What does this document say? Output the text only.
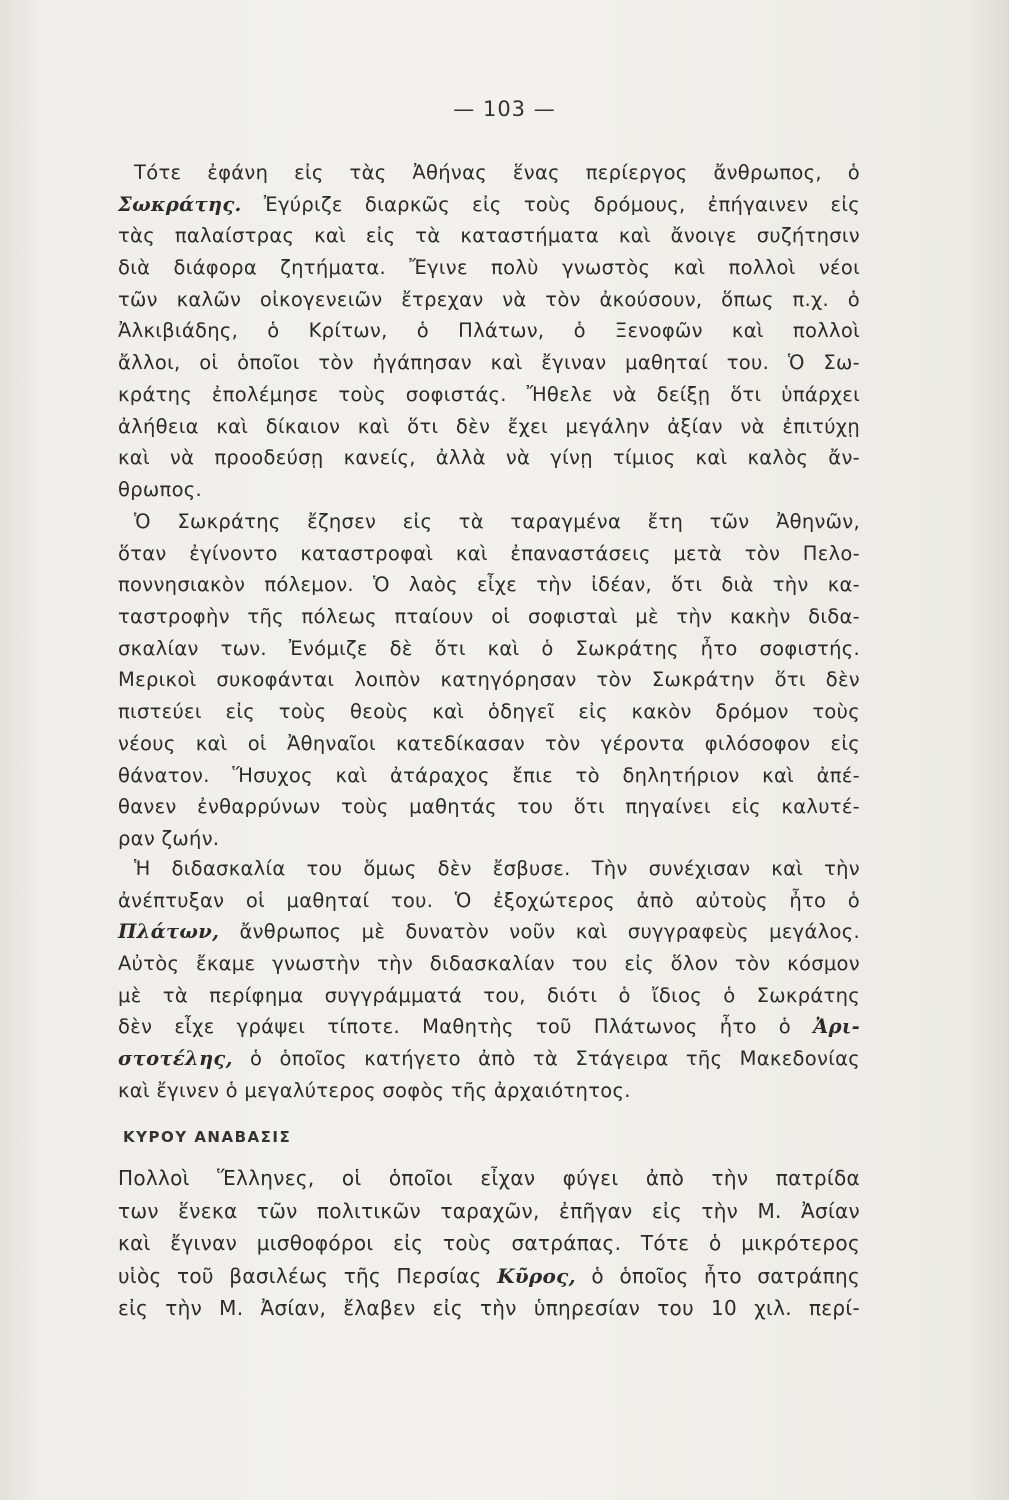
— 103 —
Τότε ἐφάνη εἰς τὰς Ἀθήνας ἕνας περίεργος ἄνθρωπος, ὁ
Σωκράτης. Ἐγύριζε διαρκῶς εἰς τοὺς δρόμους, ἐπήγαινεν εἰς
τὰς παλαίστρας καὶ εἰς τὰ καταστήματα καὶ ἄνοιγε συζήτησιν
διὰ διάφορα ζητήματα. Ἔγινε πολὺ γνωστὸς καὶ πολλοὶ νέοι
τῶν καλῶν οἰκογενειῶν ἔτρεχαν νὰ τὸν ἀκούσουν, ὅπως π.χ. ὁ
Ἀλκιβιάδης, ὁ Κρίτων, ὁ Πλάτων, ὁ Ξενοφῶν καὶ πολλοὶ
ἄλλοι, οἱ ὁποῖοι τὸν ἠγάπησαν καὶ ἔγιναν μαθηταί του. Ὁ Σω-
κράτης ἐπολέμησε τοὺς σοφιστάς. Ἤθελε νὰ δείξῃ ὅτι ὑπάρχει
ἀλήθεια καὶ δίκαιον καὶ ὅτι δὲν ἔχει μεγάλην ἀξίαν νὰ ἐπιτύχῃ
καὶ νὰ προοδεύσῃ κανείς, ἀλλὰ νὰ γίνῃ τίμιος καὶ καλὸς ἄν-
θρωπος.
Ὁ Σωκράτης ἔζησεν εἰς τὰ ταραγμένα ἔτη τῶν Ἀθηνῶν,
ὅταν ἐγίνοντο καταστροφαὶ καὶ ἐπαναστάσεις μετὰ τὸν Πελο-
ποννησιακὸν πόλεμον. Ὁ λαὸς εἶχε τὴν ἰδέαν, ὅτι διὰ τὴν κα-
ταστροφὴν τῆς πόλεως πταίουν οἱ σοφισταὶ μὲ τὴν κακὴν διδα-
σκαλίαν των. Ἐνόμιζε δὲ ὅτι καὶ ὁ Σωκράτης ἦτο σοφιστής.
Μερικοὶ συκοφάνται λοιπὸν κατηγόρησαν τὸν Σωκράτην ὅτι δὲν
πιστεύει εἰς τοὺς θεοὺς καὶ ὁδηγεῖ εἰς κακὸν δρόμον τοὺς
νέους καὶ οἱ Ἀθηναῖοι κατεδίκασαν τὸν γέροντα φιλόσοφον εἰς
θάνατον. Ἥσυχος καὶ ἀτάραχος ἔπιε τὸ δηλητήριον καὶ ἀπέ-
θανεν ἐνθαρρύνων τοὺς μαθητάς του ὅτι πηγαίνει εἰς καλυτέ-
ραν ζωήν.
Ἡ διδασκαλία του ὅμως δὲν ἔσβυσε. Τὴν συνέχισαν καὶ τὴν
ἀνέπτυξαν οἱ μαθηταί του. Ὁ ἐξοχώτερος ἀπὸ αὐτοὺς ἦτο ὁ
Πλάτων, ἄνθρωπος μὲ δυνατὸν νοῦν καὶ συγγραφεὺς μεγάλος.
Αὐτὸς ἔκαμε γνωστὴν τὴν διδασκαλίαν του εἰς ὅλον τὸν κόσμον
μὲ τὰ περίφημα συγγράμματά του, διότι ὁ ἴδιος ὁ Σωκράτης
δὲν εἶχε γράψει τίποτε. Μαθητὴς τοῦ Πλάτωνος ἦτο ὁ Ἀρι-
στοτέλης, ὁ ὁποῖος κατήγετο ἀπὸ τὰ Στάγειρα τῆς Μακεδονίας
καὶ ἔγινεν ὁ μεγαλύτερος σοφὸς τῆς ἀρχαιότητος.
ΚΥΡΟΥ ΑΝΑΒΑΣΙΣ
Πολλοὶ Ἕλληνες, οἱ ὁποῖοι εἶχαν φύγει ἀπὸ τὴν πατρίδα
των ἕνεκα τῶν πολιτικῶν ταραχῶν, ἐπῆγαν εἰς τὴν Μ. Ἀσίαν
καὶ ἔγιναν μισθοφόροι εἰς τοὺς σατράπας. Τότε ὁ μικρότερος
υἱὸς τοῦ βασιλέως τῆς Περσίας Κῦρος, ὁ ὁποῖος ἦτο σατράπης
εἰς τὴν Μ. Ἀσίαν, ἔλαβεν εἰς τὴν ὑπηρεσίαν του 10 χιλ. περί-
